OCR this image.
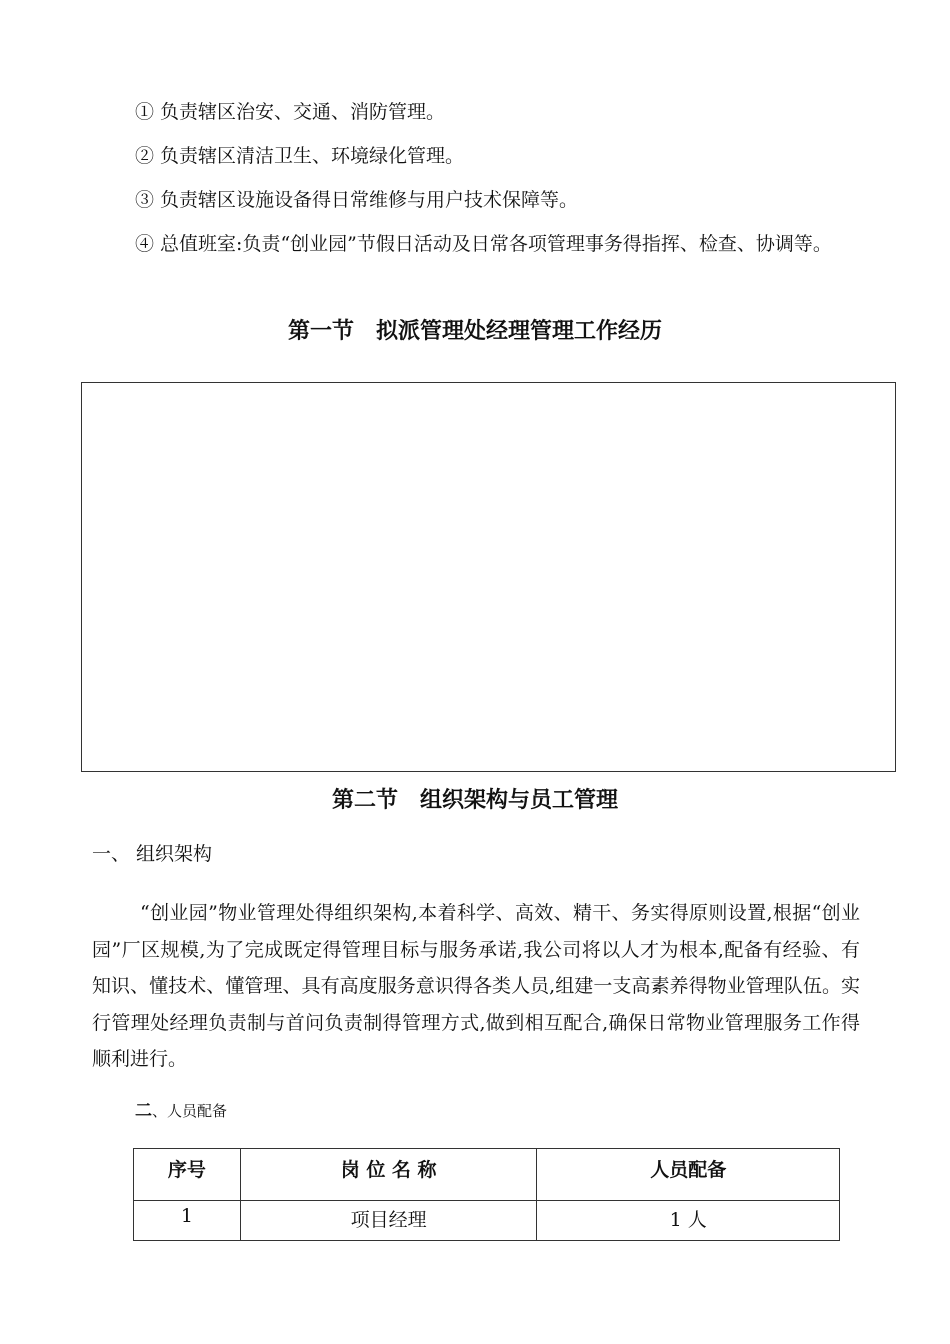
① 负责辖区治安、交通、消防管理。
② 负责辖区清洁卫生、环境绿化管理。
③ 负责辖区设施设备得日常维修与用户技术保障等。
④ 总值班室:负责“创业园”节假日活动及日常各项管理事务得指挥、检查、协调等。
第一节　拟派管理处经理管理工作经历
第二节　组织架构与员工管理
一、 组织架构
“创业园”物业管理处得组织架构,本着科学、高效、精干、务实得原则设置,根据“创业园”厂区规模,为了完成既定得管理目标与服务承诺,我公司将以人才为根本,配备有经验、有知识、懂技术、懂管理、具有高度服务意识得各类人员,组建一支高素养得物业管理队伍。实行管理处经理负责制与首问负责制得管理方式,做到相互配合,确保日常物业管理服务工作得顺利进行。
二、人员配备
序号	岗 位 名 称	人员配备
1	项目经理	1 人
